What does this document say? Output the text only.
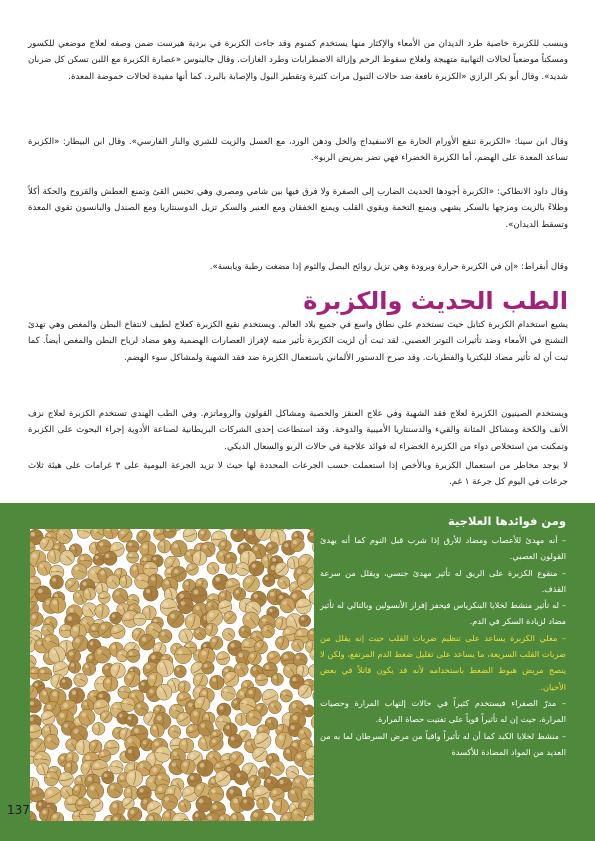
وينسب للكزبرة خاصية طرد الديدان من الأمعاء والإكثار منها يستخدم كمنوم وقد جاءت الكزبرة في بردية هيرست ضمن وصفه لعلاج موضعي للكسور ومسكناً موضعياً لحالات التهابية متهيجة ولعلاج سقوط الرحم وإزالة الاضطرابات وطرد الغازات. وقال جالينوس «عصارة الكزبرة مع اللبن تسكن كل ضربان شديد». وقال أبو بكر الرازي «الكزبرة نافعة ضد حالات التبول مرات كثيرة وتقطير البول والإصابة بالبرد. كما أنها مفيدة لحالات حموضة المعدة.

وقال ابن سينا: «الكزبرة تنفع الأورام الحارة مع الاسفيداج والخل ودهن الورد، مع العسل والزيت للشري والنار الفارسي». وقال ابن البيطار: «الكزبرة تساعد المعدة على الهضم، أما الكزبرة الخضراء فهي تضر بمريض الربو».

وقال داود الانطاكي: «الكزبرة أجودها الحديث الضارب إلى الصفرة ولا فرق فيها بين شامي ومصري وهي تحبس القئ وتمنع العطش والقروح والحكة أكلاً وطلاءً بالزيت ومزجها بالسكر يشهي ويمنع التخمة ويقوي القلب ويمنع الخفقان ومع العنبر والسكر تزيل الدوسنتاريا ومع الصندل والبانسون تقوي المعدة وتسقط الديدان».

وقال أبقراط: «إن في الكزبرة حرارة وبرودة وهي تزيل روائح البصل والثوم إذا مضغت رطبة ويابسة».

الطب الحديث والكزبرة

يشيع استخدام الكزبرة كتابل حيث تستخدم على نطاق واسع في جميع بلاد العالم. ويستخدم نقيع الكزبرة كعلاج لطيف لانتفاخ البطن والمغص وهي تهدئ التشنج في الأمعاء وضد تأثيرات التوتر العصبي. لقد ثبت أن لزيت الكزبرة تأثير منبه لإفراز العصارات الهضمية وهو مضاد لرياح البطن والمغص أيضاً. كما ثبت أن له تأثير مضاد للبكتريا والفطريات. وقد صرح الدستور الألماني باستعمال الكزبرة ضد فقد الشهية ولمشاكل سوء الهضم.

ويستخدم الصينيون الكزبرة لعلاج فقد الشهية وفي علاج العنقز والحصبة ومشاكل القولون والروماتزم. وفي الطب الهندي تستخدم الكزبرة لعلاج نزف الأنف والكحة ومشاكل المثانة والقيء والدسنتاريا الأميبية والدوخة. وقد استطاعت إحدى الشركات البريطانية لصناعة الأدوية إجراء البحوث على الكزبرة وتمكنت من استخلاص دواء من الكزبرة الخضراء له فوائد علاجية في حالات الربو والسعال الديكي.

لا يوجد مخاطر من استعمال الكزبرة وبالأخص إذا استعملت حسب الجرعات المحددة لها حيث لا تزيد الجرعة اليومية على ٣ غرامات على هيئة ثلاث جرعات في اليوم كل جرعة ١ غم.

ومن فوائدها العلاجية

– أنه مهدئ للأعصاب ومضاد للأرق إذا شرب قبل النوم كما أنه يهدئ القولون العصبي.

– منقوع الكزبرة على الريق له تأثير مهدئ جنسي، ويقلل من سرعة القذف.

– له تأثير منشط لخلايا البنكرياس فيحفز إفراز الأنسولين وبالتالي له تأثير مضاد لزيادة السكر في الدم.

– مغلي الكزبرة يساعد على تنظيم ضربات القلب حيث إنه يقلل من ضربات القلب السريعة، ما يساعد على تقليل ضغط الدم المرتفع، ولكن لا ينصح مريض هبوط الضغط باستخدامه لأنه قد يكون قاتلاً في بعض الأحيان.

– مدرّ الصفراء فيستخدم كثيراً في حالات إلتهاب المرارة وحصيات المرارة، حيث إن له تأثيراً قوياً على تفتيت حصاة المرارة.

– منشط لخلايا الكبد كما أن له تأثيراً واقياً من مرض السرطان لما به من العديد من المواد المضادة للأكسدة

137
